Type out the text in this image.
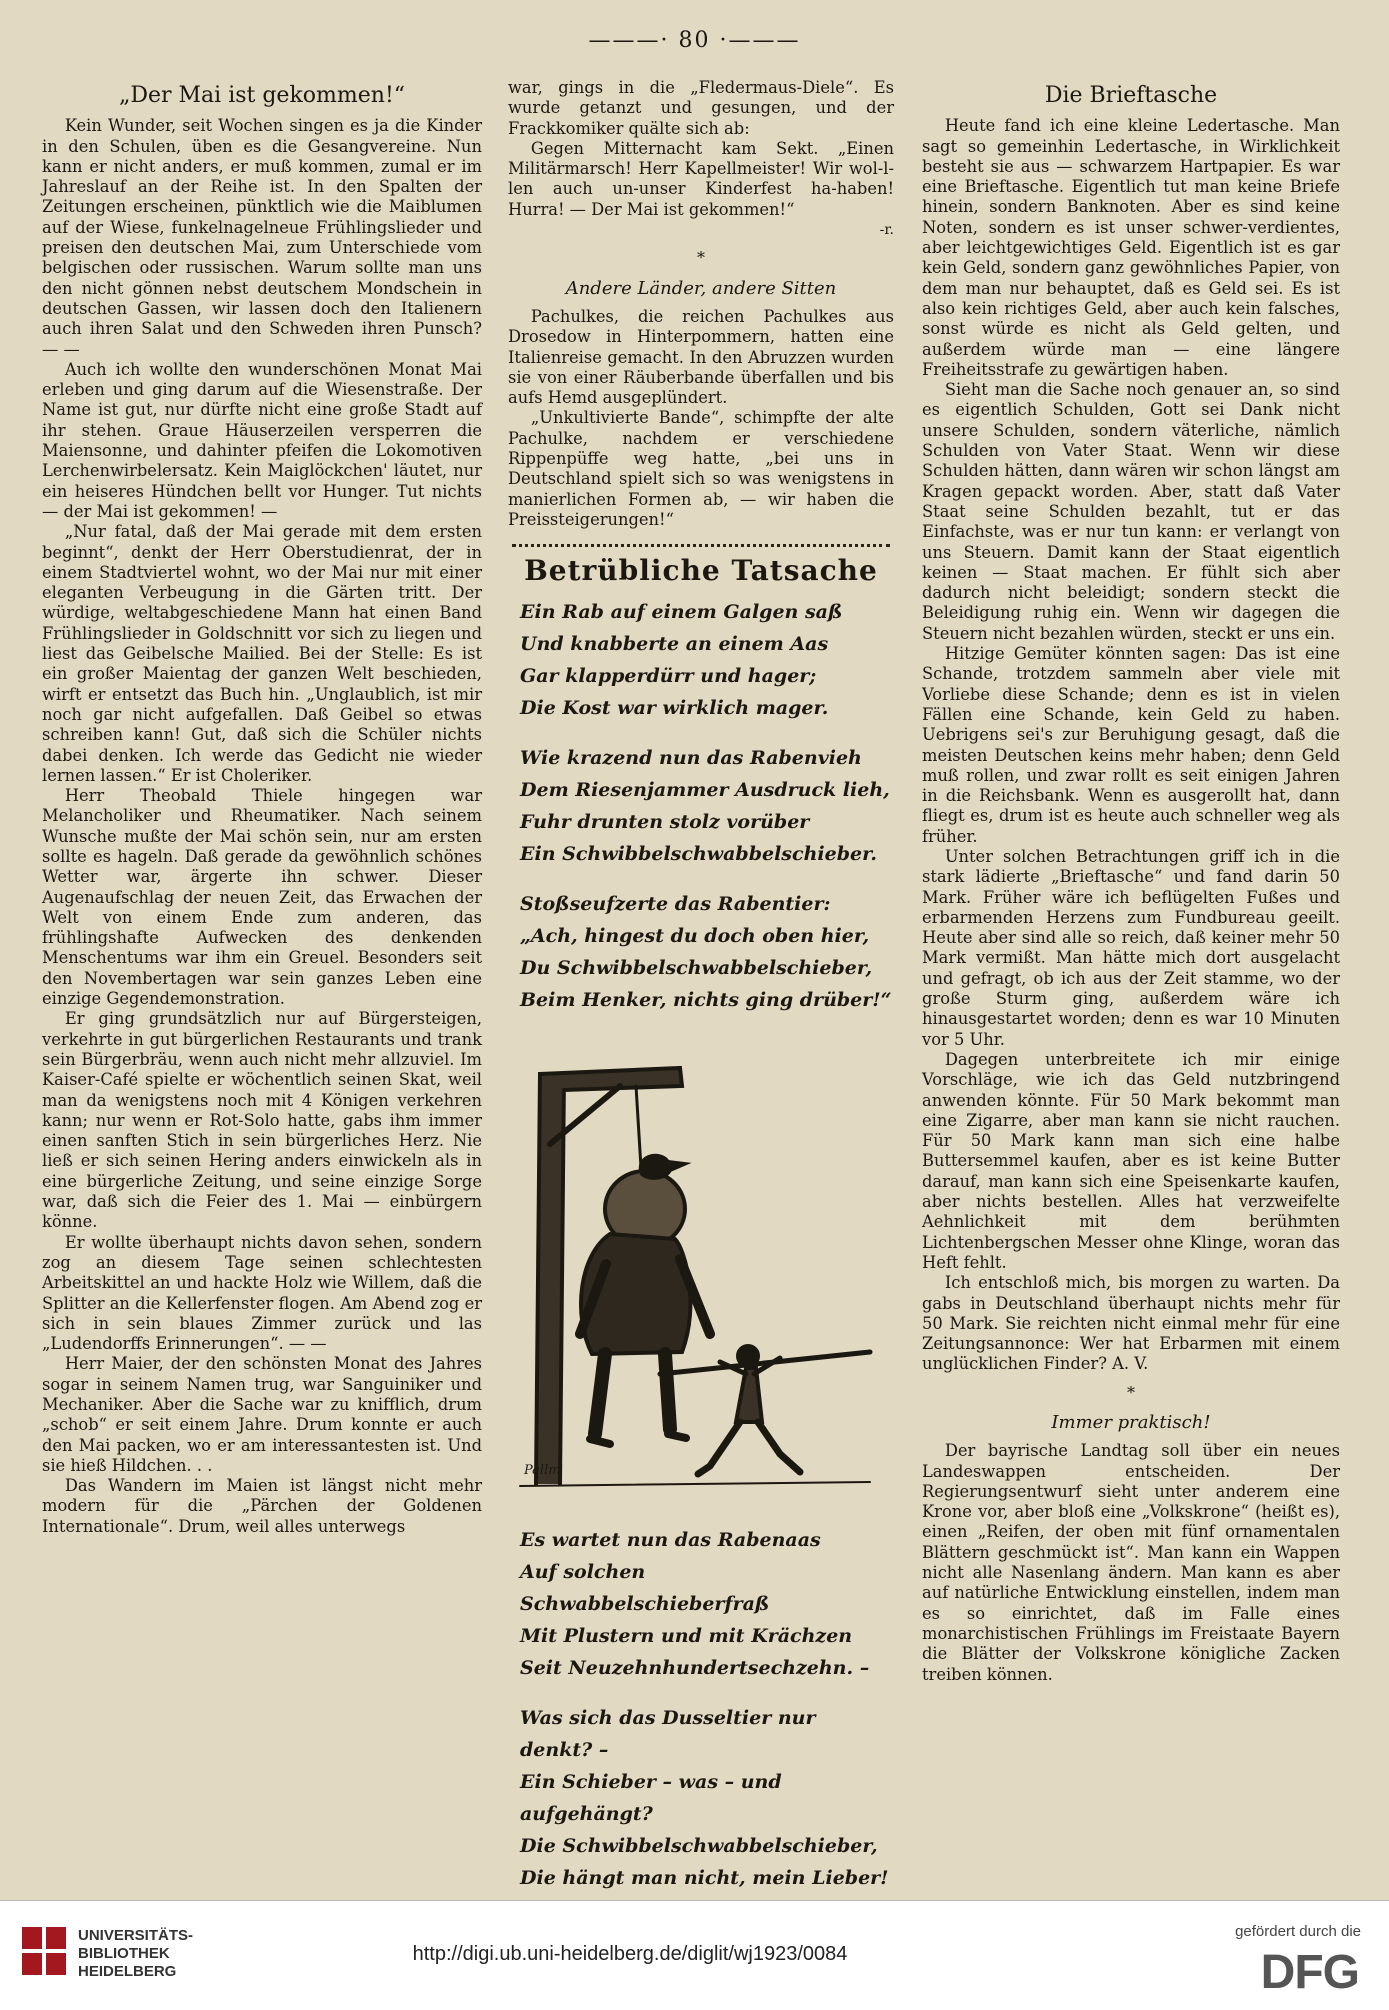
———· 80 ·———
„Der Mai ist gekommen!“

Kein Wunder, seit Wochen singen es ja die Kinder in den Schulen, üben es die Gesangvereine. Nun kann er nicht anders, er muß kommen, zumal er im Jahreslauf an der Reihe ist. In den Spalten der Zeitungen erscheinen, pünktlich wie die Maiblumen auf der Wiese, funkelnagelneue Frühlingslieder und preisen den deutschen Mai, zum Unterschiede vom belgischen oder russischen. Warum sollte man uns den nicht gönnen nebst deutschem Mondschein in deutschen Gassen, wir lassen doch den Italienern auch ihren Salat und den Schweden ihren Punsch? — —

Auch ich wollte den wunderschönen Monat Mai erleben und ging darum auf die Wiesenstraße. Der Name ist gut, nur dürfte nicht eine große Stadt auf ihr stehen. Graue Häuserzeilen versperren die Maiensonne, und dahinter pfeifen die Lokomotiven Lerchenwirbelersatz. Kein Maiglöckchen' läutet, nur ein heiseres Hündchen bellt vor Hunger. Tut nichts — der Mai ist gekommen! —

„Nur fatal, daß der Mai gerade mit dem ersten beginnt“, denkt der Herr Oberstudienrat, der in einem Stadtviertel wohnt, wo der Mai nur mit einer eleganten Verbeugung in die Gärten tritt. Der würdige, weltabgeschiedene Mann hat einen Band Frühlingslieder in Goldschnitt vor sich zu liegen und liest das Geibelsche Mailied. Bei der Stelle: Es ist ein großer Maientag der ganzen Welt beschieden, wirft er entsetzt das Buch hin. „Unglaublich, ist mir noch gar nicht aufgefallen. Daß Geibel so etwas schreiben kann! Gut, daß sich die Schüler nichts dabei denken. Ich werde das Gedicht nie wieder lernen lassen.“ Er ist Choleriker.

Herr Theobald Thiele hingegen war Melancholiker und Rheumatiker. Nach seinem Wunsche mußte der Mai schön sein, nur am ersten sollte es hageln. Daß gerade da gewöhnlich schönes Wetter war, ärgerte ihn schwer. Dieser Augenaufschlag der neuen Zeit, das Erwachen der Welt von einem Ende zum anderen, das frühlingshafte Aufwecken des denkenden Menschentums war ihm ein Greuel. Besonders seit den Novembertagen war sein ganzes Leben eine einzige Gegendemonstration.

Er ging grundsätzlich nur auf Bürgersteigen, verkehrte in gut bürgerlichen Restaurants und trank sein Bürgerbräu, wenn auch nicht mehr allzuviel. Im Kaiser-Café spielte er wöchentlich seinen Skat, weil man da wenigstens noch mit 4 Königen verkehren kann; nur wenn er Rot-Solo hatte, gabs ihm immer einen sanften Stich in sein bürgerliches Herz. Nie ließ er sich seinen Hering anders einwickeln als in eine bürgerliche Zeitung, und seine einzige Sorge war, daß sich die Feier des 1. Mai — einbürgern könne.

Er wollte überhaupt nichts davon sehen, sondern zog an diesem Tage seinen schlechtesten Arbeitskittel an und hackte Holz wie Willem, daß die Splitter an die Kellerfenster flogen. Am Abend zog er sich in sein blaues Zimmer zurück und las „Ludendorffs Erinnerungen“. — —

Herr Maier, der den schönsten Monat des Jahres sogar in seinem Namen trug, war Sanguiniker und Mechaniker. Aber die Sache war zu knifflich, drum „schob“ er seit einem Jahre. Drum konnte er auch den Mai packen, wo er am interessantesten ist. Und sie hieß Hildchen. . .

Das Wandern im Maien ist längst nicht mehr modern für die „Pärchen der Goldenen Internationale“. Drum, weil alles unterwegs

war, gings in die „Fledermaus-Diele“. Es wurde getanzt und gesungen, und der Frackkomiker quälte sich ab:

Gegen Mitternacht kam Sekt. „Einen Militärmarsch! Herr Kapellmeister! Wir wol-l-len auch un-unser Kinderfest ha-haben! Hurra! — Der Mai ist gekommen!“

-r.
*
Andere Länder, andere Sitten

Pachulkes, die reichen Pachulkes aus Drosedow in Hinterpommern, hatten eine Italienreise gemacht. In den Abruzzen wurden sie von einer Räuberbande überfallen und bis aufs Hemd ausgeplündert.

„Unkultivierte Bande“, schimpfte der alte Pachulke, nachdem er verschiedene Rippenpüffe weg hatte, „bei uns in Deutschland spielt sich so was wenigstens in manierlichen Formen ab, — wir haben die Preissteigerungen!“

Betrübliche Tatsache
Ein Rab auf einem Galgen saß
Und knabberte an einem Aas
Gar klapperdürr und hager;
Die Kost war wirklich mager.
Wie krazend nun das Rabenvieh
Dem Riesenjammer Ausdruck lieh,
Fuhr drunten stolz vorüber
Ein Schwibbelschwabbelschieber.
Stoßseufzerte das Rabentier:
„Ach, hingest du doch oben hier,
Du Schwibbelschwabbelschieber,
Beim Henker, nichts ging drüber!“
Pallm
Es wartet nun das Rabenaas
Auf solchen Schwabbelschieberfraß
Mit Plustern und mit Krächzen
Seit Neuzehnhundertsechzehn. –
Was sich das Dusseltier nur denkt? –
Ein Schieber – was – und aufgehängt?
Die Schwibbelschwabbelschieber,
Die hängt man nicht, mein Lieber!
Die Brieftasche

Heute fand ich eine kleine Ledertasche. Man sagt so gemeinhin Ledertasche, in Wirklichkeit besteht sie aus — schwarzem Hartpapier. Es war eine Brieftasche. Eigentlich tut man keine Briefe hinein, sondern Banknoten. Aber es sind keine Noten, sondern es ist unser schwer-verdientes, aber leichtgewichtiges Geld. Eigentlich ist es gar kein Geld, sondern ganz gewöhnliches Papier, von dem man nur behauptet, daß es Geld sei. Es ist also kein richtiges Geld, aber auch kein falsches, sonst würde es nicht als Geld gelten, und außerdem würde man — eine längere Freiheitsstrafe zu gewärtigen haben.

Sieht man die Sache noch genauer an, so sind es eigentlich Schulden, Gott sei Dank nicht unsere Schulden, sondern väterliche, nämlich Schulden von Vater Staat. Wenn wir diese Schulden hätten, dann wären wir schon längst am Kragen gepackt worden. Aber, statt daß Vater Staat seine Schulden bezahlt, tut er das Einfachste, was er nur tun kann: er verlangt von uns Steuern. Damit kann der Staat eigentlich keinen — Staat machen. Er fühlt sich aber dadurch nicht beleidigt; sondern steckt die Beleidigung ruhig ein. Wenn wir dagegen die Steuern nicht bezahlen würden, steckt er uns ein.

Hitzige Gemüter könnten sagen: Das ist eine Schande, trotzdem sammeln aber viele mit Vorliebe diese Schande; denn es ist in vielen Fällen eine Schande, kein Geld zu haben. Uebrigens sei's zur Beruhigung gesagt, daß die meisten Deutschen keins mehr haben; denn Geld muß rollen, und zwar rollt es seit einigen Jahren in die Reichsbank. Wenn es ausgerollt hat, dann fliegt es, drum ist es heute auch schneller weg als früher.

Unter solchen Betrachtungen griff ich in die stark lädierte „Brieftasche“ und fand darin 50 Mark. Früher wäre ich beflügelten Fußes und erbarmenden Herzens zum Fundbureau geeilt. Heute aber sind alle so reich, daß keiner mehr 50 Mark vermißt. Man hätte mich dort ausgelacht und gefragt, ob ich aus der Zeit stamme, wo der große Sturm ging, außerdem wäre ich hinausgestartet worden; denn es war 10 Minuten vor 5 Uhr.

Dagegen unterbreitete ich mir einige Vorschläge, wie ich das Geld nutzbringend anwenden könnte. Für 50 Mark bekommt man eine Zigarre, aber man kann sie nicht rauchen. Für 50 Mark kann man sich eine halbe Buttersemmel kaufen, aber es ist keine Butter darauf, man kann sich eine Speisenkarte kaufen, aber nichts bestellen. Alles hat verzweifelte Aehnlichkeit mit dem berühmten Lichtenbergschen Messer ohne Klinge, woran das Heft fehlt.

Ich entschloß mich, bis morgen zu warten. Da gabs in Deutschland überhaupt nichts mehr für 50 Mark. Sie reichten nicht einmal mehr für eine Zeitungsannonce: Wer hat Erbarmen mit einem unglücklichen Finder? A. V.

*
Immer praktisch!

Der bayrische Landtag soll über ein neues Landeswappen entscheiden. Der Regierungsentwurf sieht unter anderem eine Krone vor, aber bloß eine „Volkskrone“ (heißt es), einen „Reifen, der oben mit fünf ornamentalen Blättern geschmückt ist“. Man kann ein Wappen nicht alle Nasenlang ändern. Man kann es aber auf natürliche Entwicklung einstellen, indem man es so einrichtet, daß im Falle eines monarchistischen Frühlings im Freistaate Bayern die Blätter der Volkskrone königliche Zacken treiben können.

UNIVERSITÄTS-
BIBLIOTHEK
HEIDELBERG
http://digi.ub.uni-heidelberg.de/diglit/wj1923/0084
gefördert durch die
DFG
